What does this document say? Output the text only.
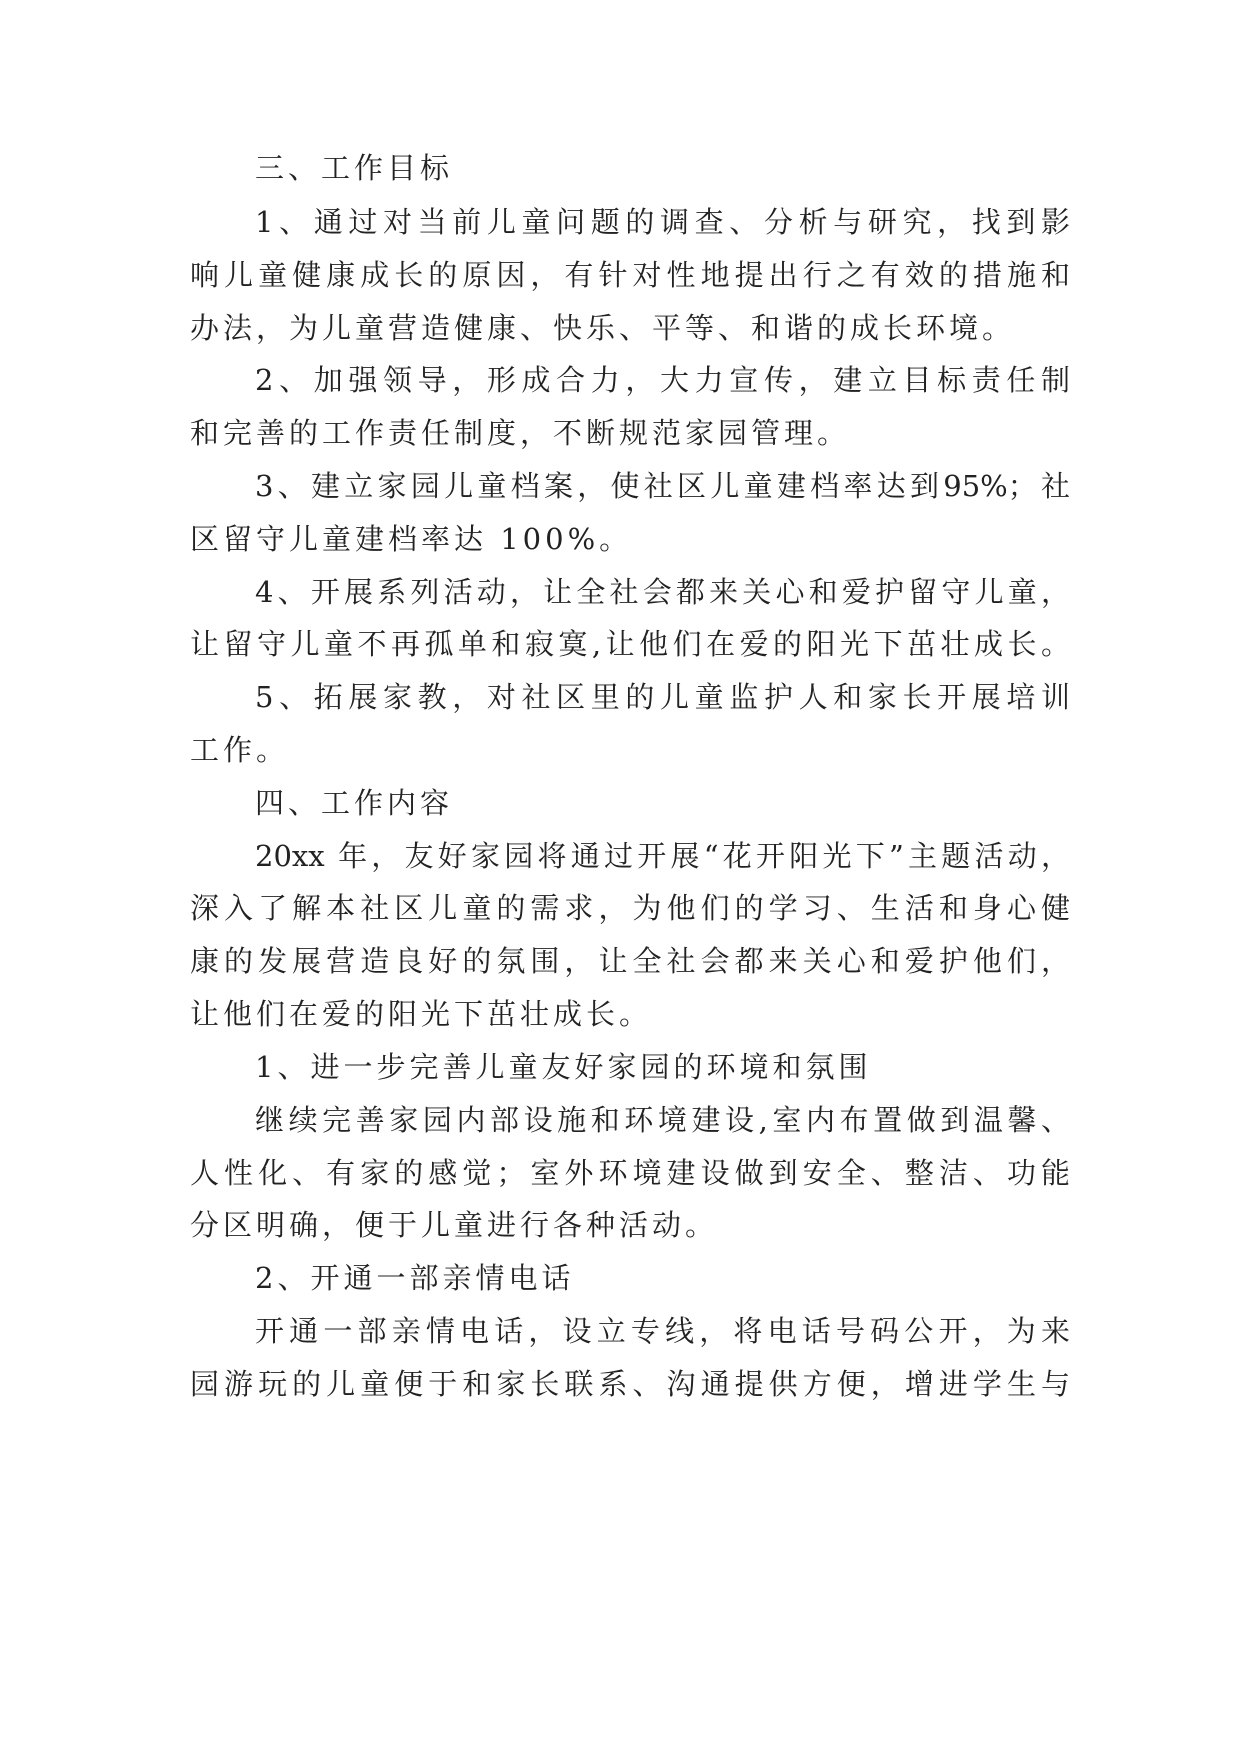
三、工作目标
1、通过对当前儿童问题的调查、分析与研究，找到影
响儿童健康成长的原因，有针对性地提出行之有效的措施和
办法，为儿童营造健康、快乐、平等、和谐的成长环境。
2、加强领导，形成合力，大力宣传，建立目标责任制
和完善的工作责任制度，不断规范家园管理。
3、建立家园儿童档案，使社区儿童建档率达到95%；社
区留守儿童建档率达 100%。
4、开展系列活动，让全社会都来关心和爱护留守儿童，
让留守儿童不再孤单和寂寞,让他们在爱的阳光下茁壮成长。
5、拓展家教，对社区里的儿童监护人和家长开展培训
工作。
四、工作内容
20xx 年，友好家园将通过开展“花开阳光下”主题活动，
深入了解本社区儿童的需求，为他们的学习、生活和身心健
康的发展营造良好的氛围，让全社会都来关心和爱护他们，
让他们在爱的阳光下茁壮成长。
1、进一步完善儿童友好家园的环境和氛围
继续完善家园内部设施和环境建设,室内布置做到温馨、
人性化、有家的感觉；室外环境建设做到安全、整洁、功能
分区明确，便于儿童进行各种活动。
2、开通一部亲情电话
开通一部亲情电话，设立专线，将电话号码公开，为来
园游玩的儿童便于和家长联系、沟通提供方便，增进学生与
